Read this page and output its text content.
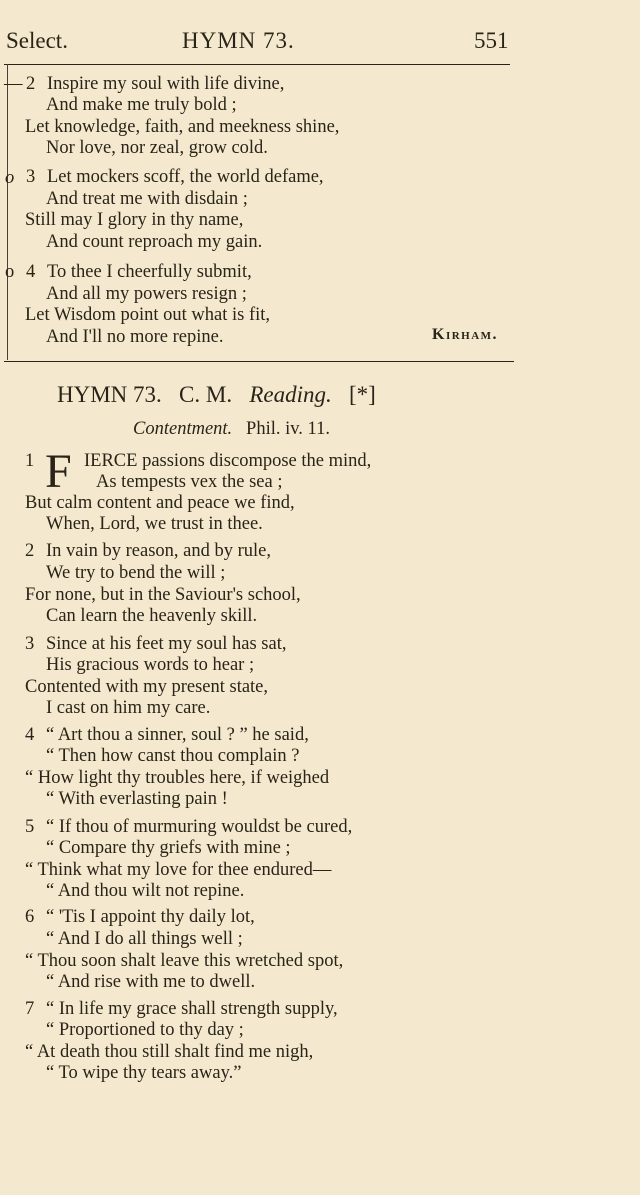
Select.	HYMN 73.	551
— 2 Inspire my soul with life divine,
And make me truly bold ;
Let knowledge, faith, and meekness shine,
Nor love, nor zeal, grow cold.
o 3 Let mockers scoff, the world defame,
And treat me with disdain ;
Still may I glory in thy name,
And count reproach my gain.
o 4 To thee I cheerfully submit,
And all my powers resign ;
Let Wisdom point out what is fit,
And I'll no more repine.	Kirham.
HYMN 73. C. M. Reading. [*]
Contentment. Phil. iv. 11.
1 F IERCE passions discompose the mind,
As tempests vex the sea ;
But calm content and peace we find,
When, Lord, we trust in thee.
2 In vain by reason, and by rule,
We try to bend the will ;
For none, but in the Saviour's school,
Can learn the heavenly skill.
3 Since at his feet my soul has sat,
His gracious words to hear ;
Contented with my present state,
I cast on him my care.
4 “ Art thou a sinner, soul ? ” he said,
“ Then how canst thou complain ?
“ How light thy troubles here, if weighed
“ With everlasting pain !
5 “ If thou of murmuring wouldst be cured,
“ Compare thy griefs with mine ;
“ Think what my love for thee endured—
“ And thou wilt not repine.
6 “ 'Tis I appoint thy daily lot,
“ And I do all things well ;
“ Thou soon shalt leave this wretched spot,
“ And rise with me to dwell.
7 “ In life my grace shall strength supply,
“ Proportioned to thy day ;
“ At death thou still shalt find me nigh,
“ To wipe thy tears away.”
